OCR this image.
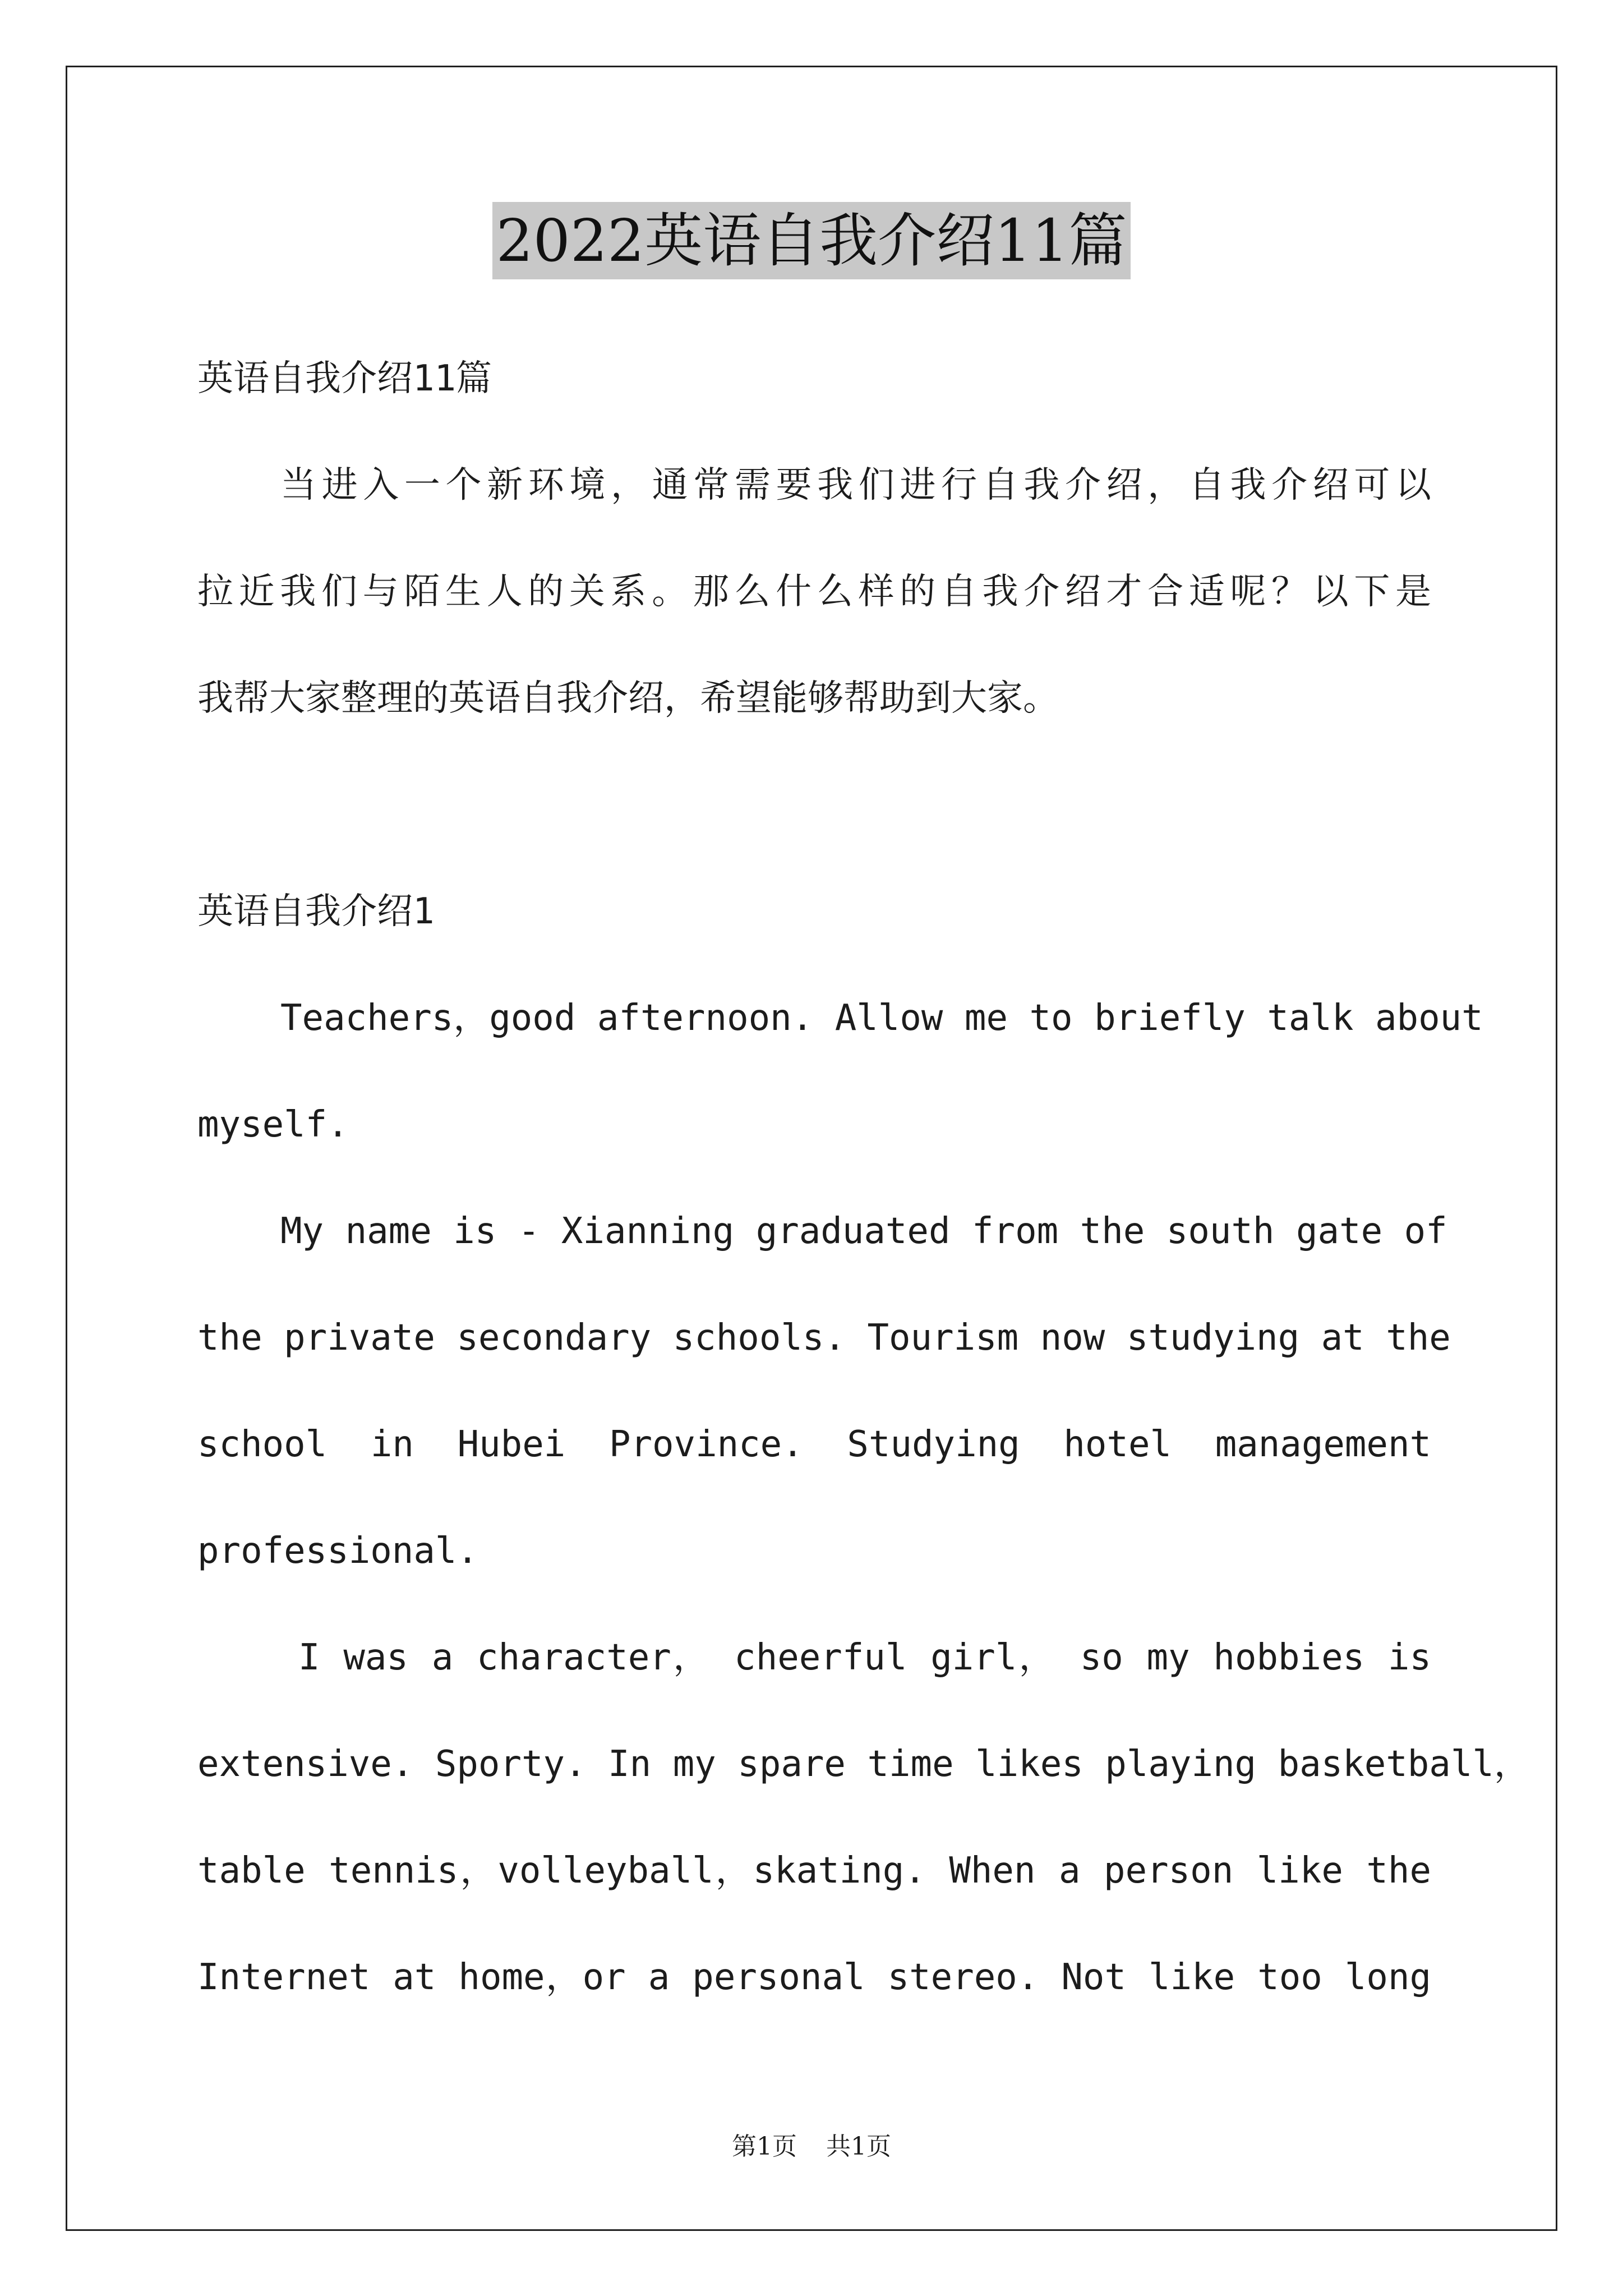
2022英语自我介绍11篇
英语自我介绍11篇
当进入一个新环境，通常需要我们进行自我介绍，自我介绍可以
拉近我们与陌生人的关系。那么什么样的自我介绍才合适呢？以下是
我帮大家整理的英语自我介绍，希望能够帮助到大家。
英语自我介绍1
Teachers，good afternoon. Allow me to briefly talk about
myself.
My name is - Xianning graduated from the south gate of
the private secondary schools. Tourism now studying at the
school in Hubei Province. Studying hotel management
professional.
I was a character， cheerful girl， so my hobbies is
extensive. Sporty. In my spare time likes playing basketball，
table tennis，volleyball，skating. When a person like the
Internet at home，or a personal stereo. Not like too long
第1页 共1页
